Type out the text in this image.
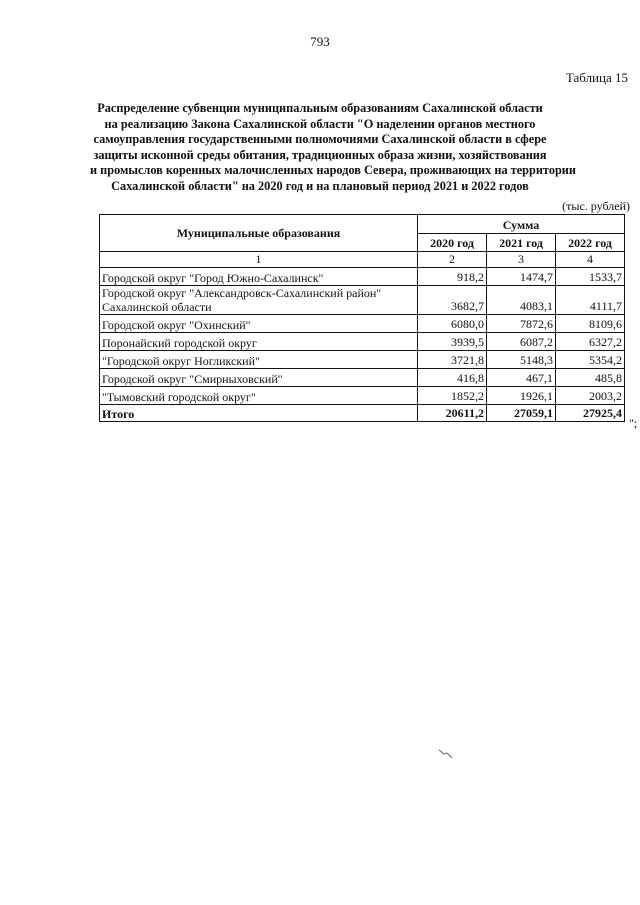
793
Таблица 15
Распределение субвенции муниципальным образованиям Сахалинской области
на реализацию Закона Сахалинской области "О наделении органов местного
самоуправления государственными полномочиями Сахалинской области в сфере
защиты исконной среды обитания, традиционных образа жизни, хозяйствования
и промыслов коренных малочисленных народов Севера, проживающих на территории
Сахалинской области" на 2020 год и на плановый период 2021 и 2022 годов
(тыс. рублей)
Муниципальные образования	Сумма		
	2020 год	2021 год	2022 год
1	2	3	4
Городской округ "Город Южно-Сахалинск"	918,2	1474,7	1533,7
Городской округ "Александровск-Сахалинский район" Сахалинской области	3682,7	4083,1	4111,7
Городской округ "Охинский"	6080,0	7872,6	8109,6
Поронайский городской округ	3939,5	6087,2	6327,2
"Городской округ Ногликский"	3721,8	5148,3	5354,2
Городской округ "Смирныховский"	416,8	467,1	485,8
"Тымовский городской округ"	1852,2	1926,1	2003,2
Итого	20611,2	27059,1	27925,4
";
